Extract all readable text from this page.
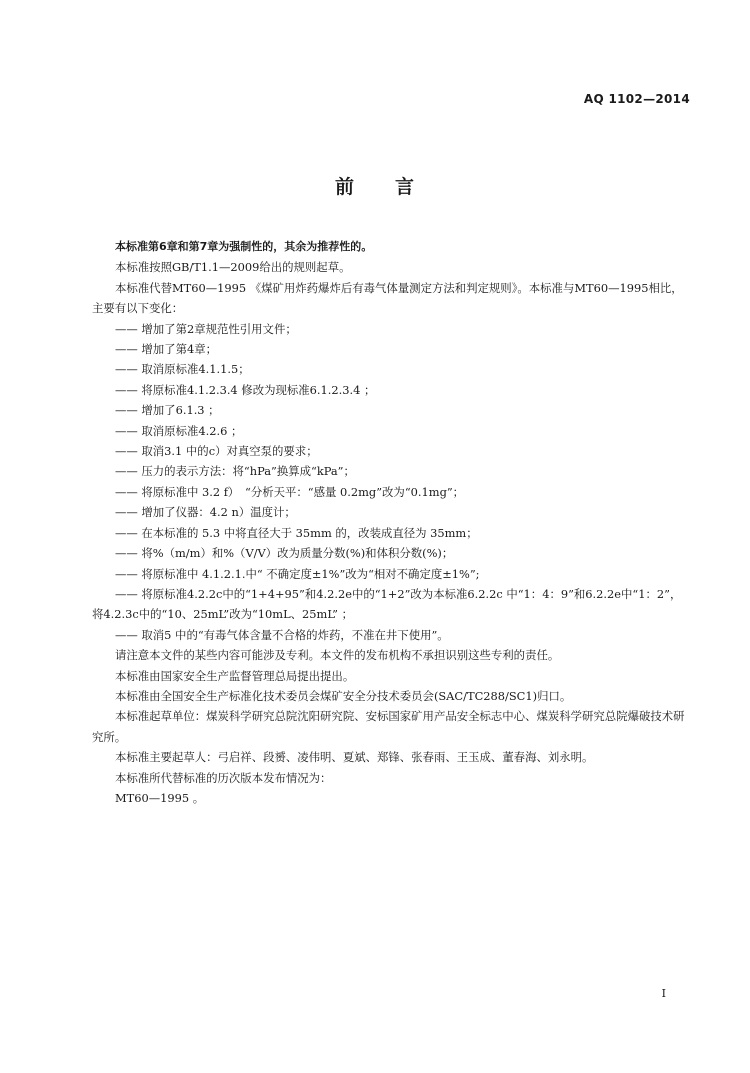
AQ 1102—2014
前　　言

本标准第6章和第7章为强制性的，其余为推荐性的。

本标准按照GB/T1.1—2009给出的规则起草。

本标准代替MT60—1995 《煤矿用炸药爆炸后有毒气体量测定方法和判定规则》。本标准与MT60—1995相比，主要有以下变化：

—— 增加了第2章规范性引用文件；

—— 增加了第4章；

—— 取消原标准4.1.1.5；

—— 将原标准4.1.2.3.4 修改为现标准6.1.2.3.4 ；

—— 增加了6.1.3 ；

—— 取消原标准4.2.6 ；

—— 取消3.1 中的c）对真空泵的要求；

—— 压力的表示方法：将“hPa”换算成“kPa”；

—— 将原标准中 3.2 f）　“分析天平：“感量 0.2mg”改为“0.1mg”；

—— 增加了仪器：4.2 n）温度计；

—— 在本标准的 5.3 中将直径大于 35mm 的，改装成直径为 35mm；

—— 将%（m/m）和%（V/V）改为质量分数(%)和体积分数(%)；

—— 将原标准中 4.1.2.1.中“ 不确定度±1%”改为“相对不确定度±1%”;

—— 将原标准4.2.2c中的“1+4+95”和4.2.2e中的“1+2”改为本标准6.2.2c 中“1：4：9”和6.2.2e中“1：2”，将4.2.3c中的“10、25mL”改为“10mL、25mL” ；

—— 取消5 中的“有毒气体含量不合格的炸药，不准在井下使用”。

请注意本文件的某些内容可能涉及专利。本文件的发布机构不承担识别这些专利的责任。

本标准由国家安全生产监督管理总局提出提出。

本标准由全国安全生产标准化技术委员会煤矿安全分技术委员会(SAC/TC288/SC1)归口。

本标准起草单位：煤炭科学研究总院沈阳研究院、安标国家矿用产品安全标志中心、煤炭科学研究总院爆破技术研究所。

本标准主要起草人：弓启祥、段赟、凌伟明、夏斌、郑锋、张春雨、王玉成、董春海、刘永明。

本标准所代替标准的历次版本发布情况为：

MT60—1995 。

I
